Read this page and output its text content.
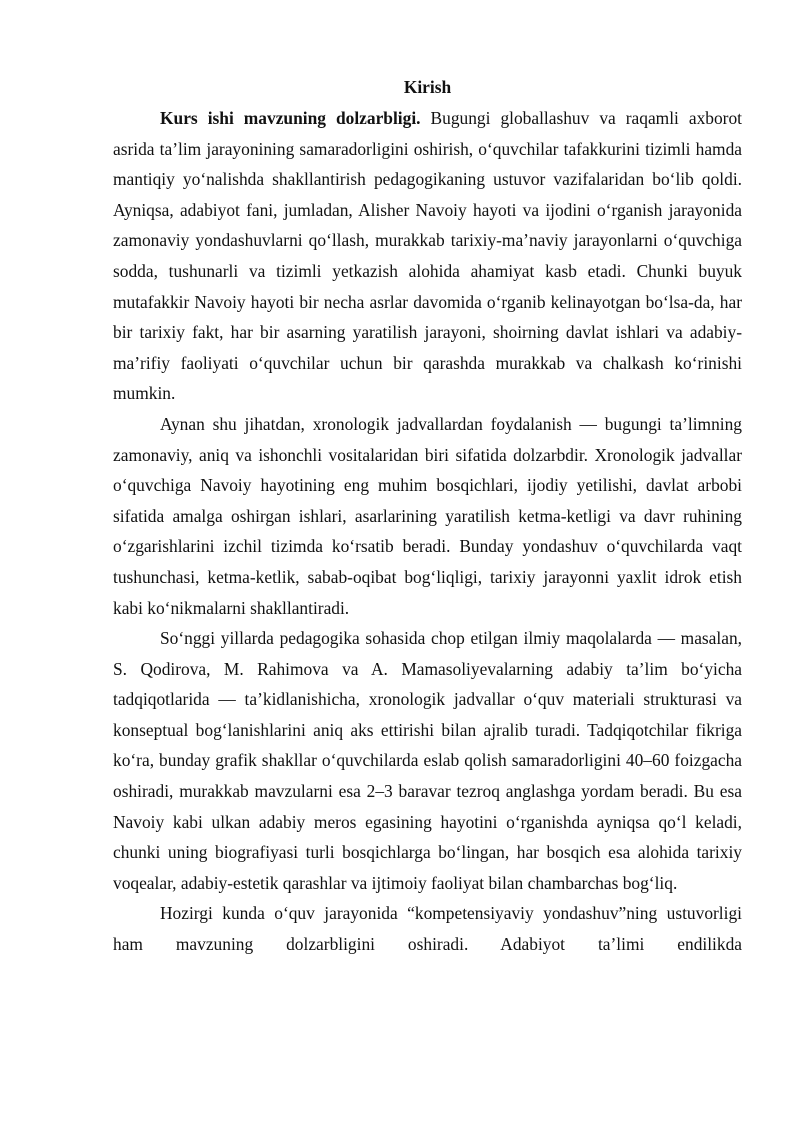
Kirish

Kurs ishi mavzuning dolzarbligi. Bugungi globallashuv va raqamli axborot asrida ta’lim jarayonining samaradorligini oshirish, o‘quvchilar tafakkurini tizimli hamda mantiqiy yo‘nalishda shakllantirish pedagogikaning ustuvor vazifalaridan bo‘lib qoldi. Ayniqsa, adabiyot fani, jumladan, Alisher Navoiy hayoti va ijodini o‘rganish jarayonida zamonaviy yondashuvlarni qo‘llash, murakkab tarixiy-ma’naviy jarayonlarni o‘quvchiga sodda, tushunarli va tizimli yetkazish alohida ahamiyat kasb etadi. Chunki buyuk mutafakkir Navoiy hayoti bir necha asrlar davomida o‘rganib kelinayotgan bo‘lsa-da, har bir tarixiy fakt, har bir asarning yaratilish jarayoni, shoirning davlat ishlari va adabiy-ma’rifiy faoliyati o‘quvchilar uchun bir qarashda murakkab va chalkash ko‘rinishi mumkin.

Aynan shu jihatdan, xronologik jadvallardan foydalanish — bugungi ta’limning zamonaviy, aniq va ishonchli vositalaridan biri sifatida dolzarbdir. Xronologik jadvallar o‘quvchiga Navoiy hayotining eng muhim bosqichlari, ijodiy yetilishi, davlat arbobi sifatida amalga oshirgan ishlari, asarlarining yaratilish ketma-ketligi va davr ruhining o‘zgarishlarini izchil tizimda ko‘rsatib beradi. Bunday yondashuv o‘quvchilarda vaqt tushunchasi, ketma-ketlik, sabab-oqibat bog‘liqligi, tarixiy jarayonni yaxlit idrok etish kabi ko‘nikmalarni shakllantiradi.

So‘nggi yillarda pedagogika sohasida chop etilgan ilmiy maqolalarda — masalan, S. Qodirova, M. Rahimova va A. Mamasoliyevalarning adabiy ta’lim bo‘yicha tadqiqotlarida — ta’kidlanishicha, xronologik jadvallar o‘quv materiali strukturasi va konseptual bog‘lanishlarini aniq aks ettirishi bilan ajralib turadi. Tadqiqotchilar fikriga ko‘ra, bunday grafik shakllar o‘quvchilarda eslab qolish samaradorligini 40–60 foizgacha oshiradi, murakkab mavzularni esa 2–3 baravar tezroq anglashga yordam beradi. Bu esa Navoiy kabi ulkan adabiy meros egasining hayotini o‘rganishda ayniqsa qo‘l keladi, chunki uning biografiyasi turli bosqichlarga bo‘lingan, har bosqich esa alohida tarixiy voqealar, adabiy-estetik qarashlar va ijtimoiy faoliyat bilan chambarchas bog‘liq.

Hozirgi kunda o‘quv jarayonida “kompetensiyaviy yondashuv”ning ustuvorligi ham mavzuning dolzarbligini oshiradi. Adabiyot ta’limi endilikda
